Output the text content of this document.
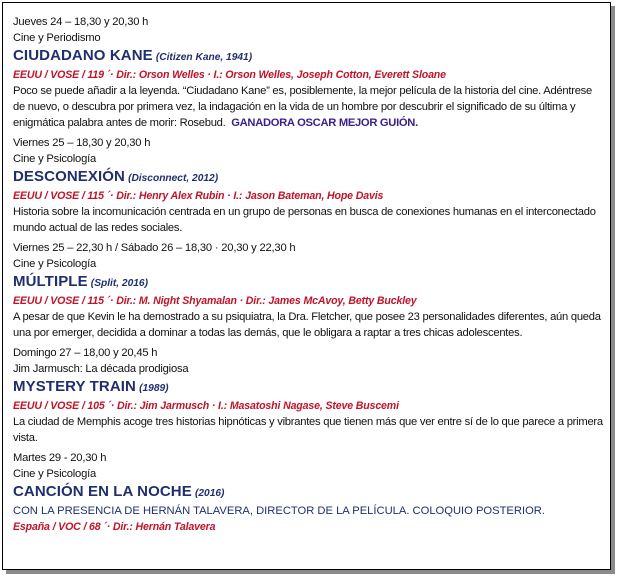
Jueves 24 – 18,30 y 20,30 h
Cine y Periodismo
CIUDADANO KANE (Citizen Kane, 1941)
EEUU / VOSE / 119 ´· Dir.: Orson Welles · I.: Orson Welles, Joseph Cotton, Everett Sloane
Poco se puede añadir a la leyenda. “Ciudadano Kane” es, posiblemente, la mejor película de la historia del cine. Adéntrese de nuevo, o descubra por primera vez, la indagación en la vida de un hombre por descubrir el significado de su última y enigmática palabra antes de morir: Rosebud. GANADORA OSCAR MEJOR GUIÓN.
Viernes 25 – 18,30 y 20,30 h
Cine y Psicología
DESCONEXIÓN (Disconnect, 2012)
EEUU / VOSE / 115 ´· Dir.: Henry Alex Rubin · I.: Jason Bateman, Hope Davis
Historia sobre la incomunicación centrada en un grupo de personas en busca de conexiones humanas en el interconectado mundo actual de las redes sociales.
Viernes 25 – 22,30 h / Sábado 26 – 18,30 · 20,30 y 22,30 h
Cine y Psicología
MÚLTIPLE (Split, 2016)
EEUU / VOSE / 115 ´· Dir.: M. Night Shyamalan · Dir.: James McAvoy, Betty Buckley
A pesar de que Kevin le ha demostrado a su psiquiatra, la Dra. Fletcher, que posee 23 personalidades diferentes, aún queda una por emerger, decidida a dominar a todas las demás, que le obligara a raptar a tres chicas adolescentes.
Domingo 27 – 18,00 y 20,45 h
Jim Jarmusch: La década prodigiosa
MYSTERY TRAIN (1989)
EEUU / VOSE / 105 ´· Dir.: Jim Jarmusch · I.: Masatoshi Nagase, Steve Buscemi
La ciudad de Memphis acoge tres historias hipnóticas y vibrantes que tienen más que ver entre sí de lo que parece a primera vista.
Martes 29 - 20,30 h
Cine y Psicología
CANCIÓN EN LA NOCHE (2016)
CON LA PRESENCIA DE HERNÁN TALAVERA, DIRECTOR DE LA PELÍCULA. COLOQUIO POSTERIOR.
España / VOC / 68 ´· Dir.: Hernán Talavera
